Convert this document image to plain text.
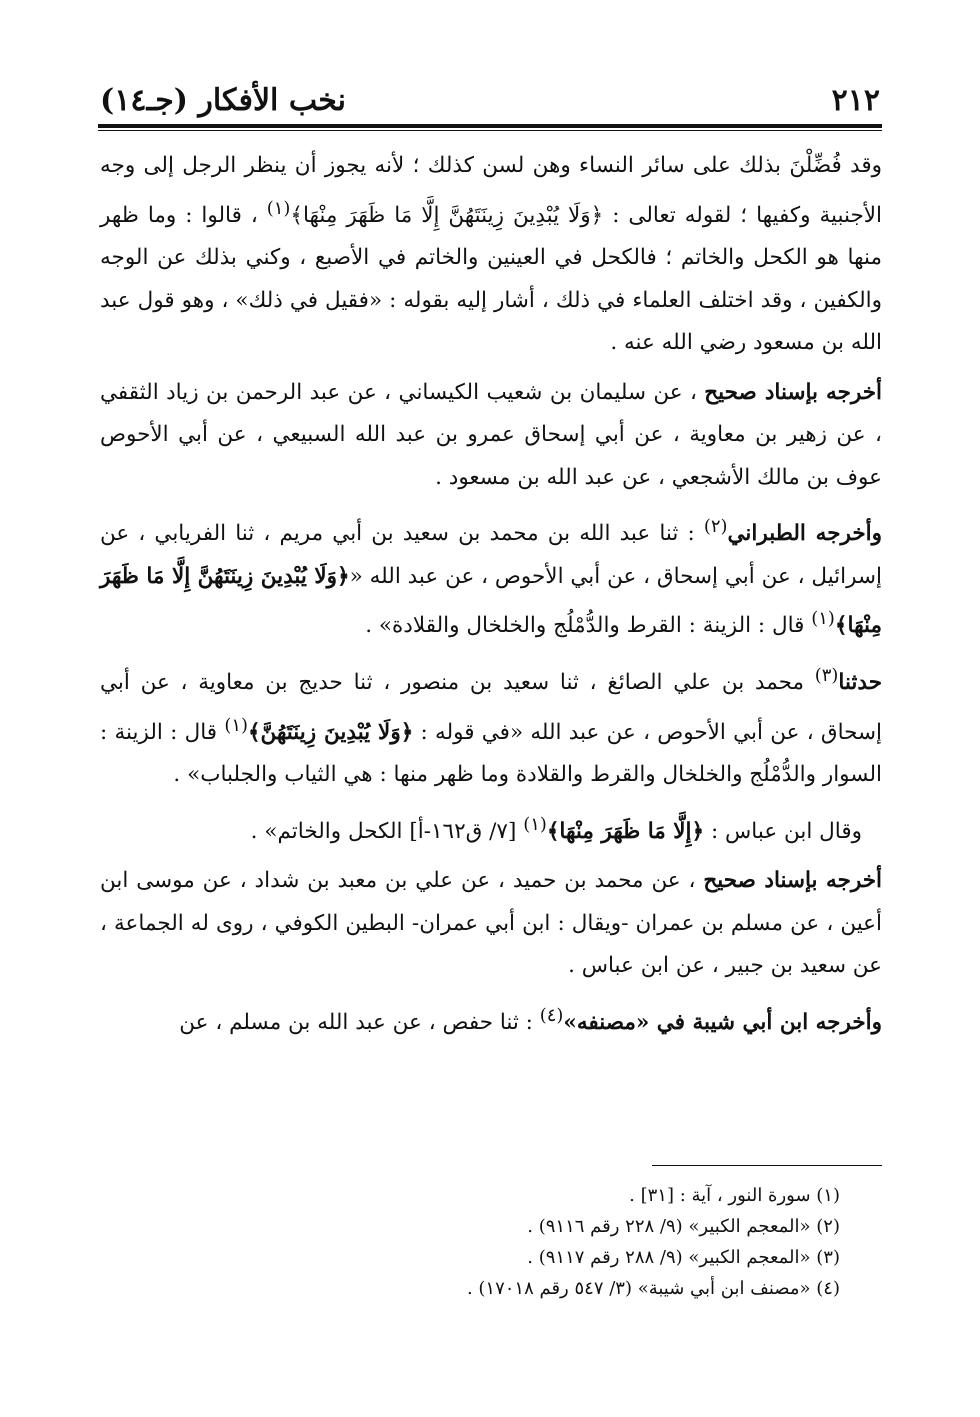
٢١٢
نخب الأفكار (جـ١٤)

وقد فُضِّلْنَ بذلك على سائر النساء وهن لسن كذلك ؛ لأنه يجوز أن ينظر الرجل إلى وجه الأجنبية وكفيها ؛ لقوله تعالى : ﴿وَلَا يُبْدِينَ زِينَتَهُنَّ إِلَّا مَا ظَهَرَ مِنْهَا﴾$^{(١)}$ ، قالوا : وما ظهر منها هو الكحل والخاتم ؛ فالكحل في العينين والخاتم في الأصبع ، وكني بذلك عن الوجه والكفين ، وقد اختلف العلماء في ذلك ، أشار إليه بقوله : «فقيل في ذلك» ، وهو قول عبد الله بن مسعود رضي الله عنه .

أخرجه بإسناد صحيح ، عن سليمان بن شعيب الكيساني ، عن عبد الرحمن بن زياد الثقفي ، عن زهير بن معاوية ، عن أبي إسحاق عمرو بن عبد الله السبيعي ، عن أبي الأحوص عوف بن مالك الأشجعي ، عن عبد الله بن مسعود .

وأخرجه الطبراني$^{(٢)}$ : ثنا عبد الله بن محمد بن سعيد بن أبي مريم ، ثنا الفريابي ، عن إسرائيل ، عن أبي إسحاق ، عن أبي الأحوص ، عن عبد الله «﴿وَلَا يُبْدِينَ زِينَتَهُنَّ إِلَّا مَا ظَهَرَ مِنْهَا﴾$^{(١)}$ قال : الزينة : القرط والدُّمْلُج والخلخال والقلادة» .

حدثنا$^{(٣)}$ محمد بن علي الصائغ ، ثنا سعيد بن منصور ، ثنا حديج بن معاوية ، عن أبي إسحاق ، عن أبي الأحوص ، عن عبد الله «في قوله : ﴿وَلَا يُبْدِينَ زِينَتَهُنَّ﴾$^{(١)}$ قال : الزينة : السوار والدُّمْلُج والخلخال والقرط والقلادة وما ظهر منها : هي الثياب والجلباب» .

وقال ابن عباس : ﴿إِلَّا مَا ظَهَرَ مِنْهَا﴾$^{(١)}$ [٧/ ق١٦٢-أ] الكحل والخاتم» .

أخرجه بإسناد صحيح ، عن محمد بن حميد ، عن علي بن معبد بن شداد ، عن موسى ابن أعين ، عن مسلم بن عمران -ويقال : ابن أبي عمران- البطين الكوفي ، روى له الجماعة ، عن سعيد بن جبير ، عن ابن عباس .

وأخرجه ابن أبي شيبة في «مصنفه»$^{(٤)}$ : ثنا حفص ، عن عبد الله بن مسلم ، عن

(١) سورة النور ، آية : [٣١] .

(٢) «المعجم الكبير» (٩/ ٢٢٨ رقم ٩١١٦) .

(٣) «المعجم الكبير» (٩/ ٢٨٨ رقم ٩١١٧) .

(٤) «مصنف ابن أبي شيبة» (٣/ ٥٤٧ رقم ١٧٠١٨) .
